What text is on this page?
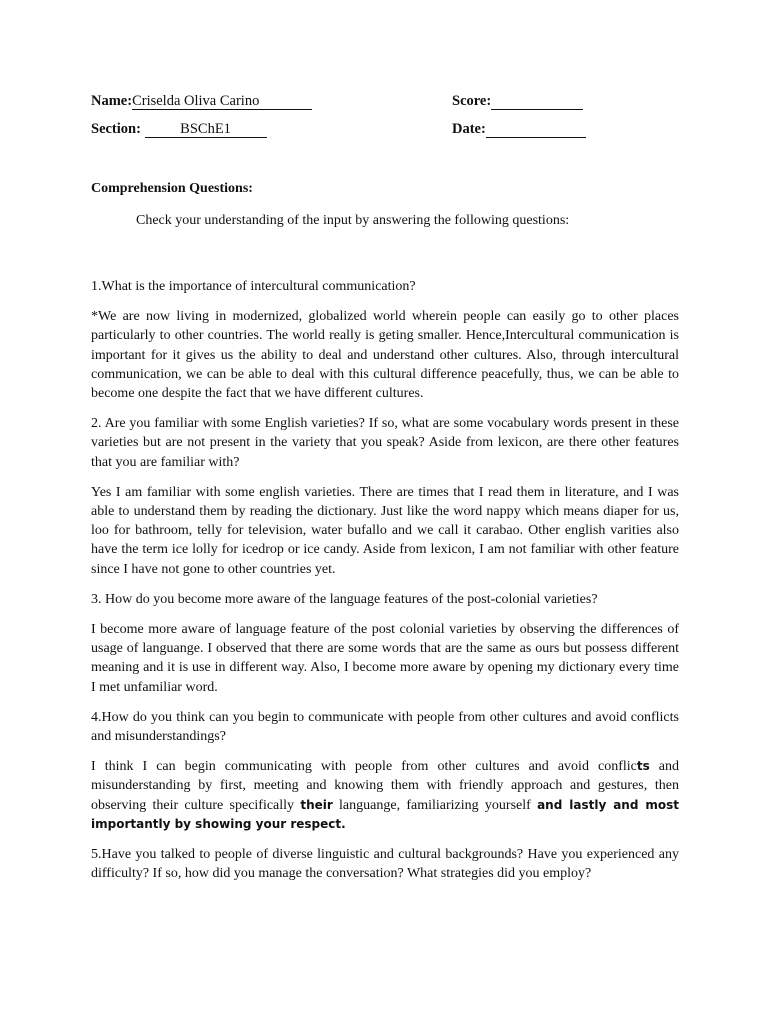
Name:Criselda Oliva Carino
Section:	BSChE1
Score:
Date:
Comprehension Questions:
Check your understanding of the input by answering the following questions:

1.What is the importance of intercultural communication?

*We are now living in modernized, globalized world wherein people can easily go to other places particularly to other countries. The world really is geting smaller. Hence,Intercultural communication is important for it gives us the ability to deal and understand other cultures. Also, through intercultural communication, we can be able to deal with this cultural difference peacefully, thus, we can be able to become one despite the fact that we have different cultures.

2. Are you familiar with some English varieties? If so, what are some vocabulary words present in these varieties but are not present in the variety that you speak? Aside from lexicon, are there other features that you are familiar with?

Yes I am familiar with some english varieties. There are times that I read them in literature, and I was able to understand them by reading the dictionary. Just like the word nappy which means diaper for us, loo for bathroom, telly for television, water bufallo and we call it carabao. Other english varities also have the term ice lolly for icedrop or ice candy. Aside from lexicon, I am not familiar with other feature since I have not gone to other countries yet.

3. How do you become more aware of the language features of the post-colonial varieties?

I become more aware of language feature of the post colonial varieties by observing the differences of usage of languange. I observed that there are some words that are the same as ours but possess different meaning and it is use in different way. Also, I become more aware by opening my dictionary every time I met unfamiliar word.

4.How do you think can you begin to communicate with people from other cultures and avoid conflicts and misunderstandings?

I think I can begin communicating with people from other cultures and avoid conflicts and misunderstanding by first, meeting and knowing them with friendly approach and gestures, then observing their culture specifically their languange, familiarizing yourself and lastly and most importantly by showing your respect.

5.Have you talked to people of diverse linguistic and cultural backgrounds? Have you experienced any difficulty? If so, how did you manage the conversation? What strategies did you employ?
